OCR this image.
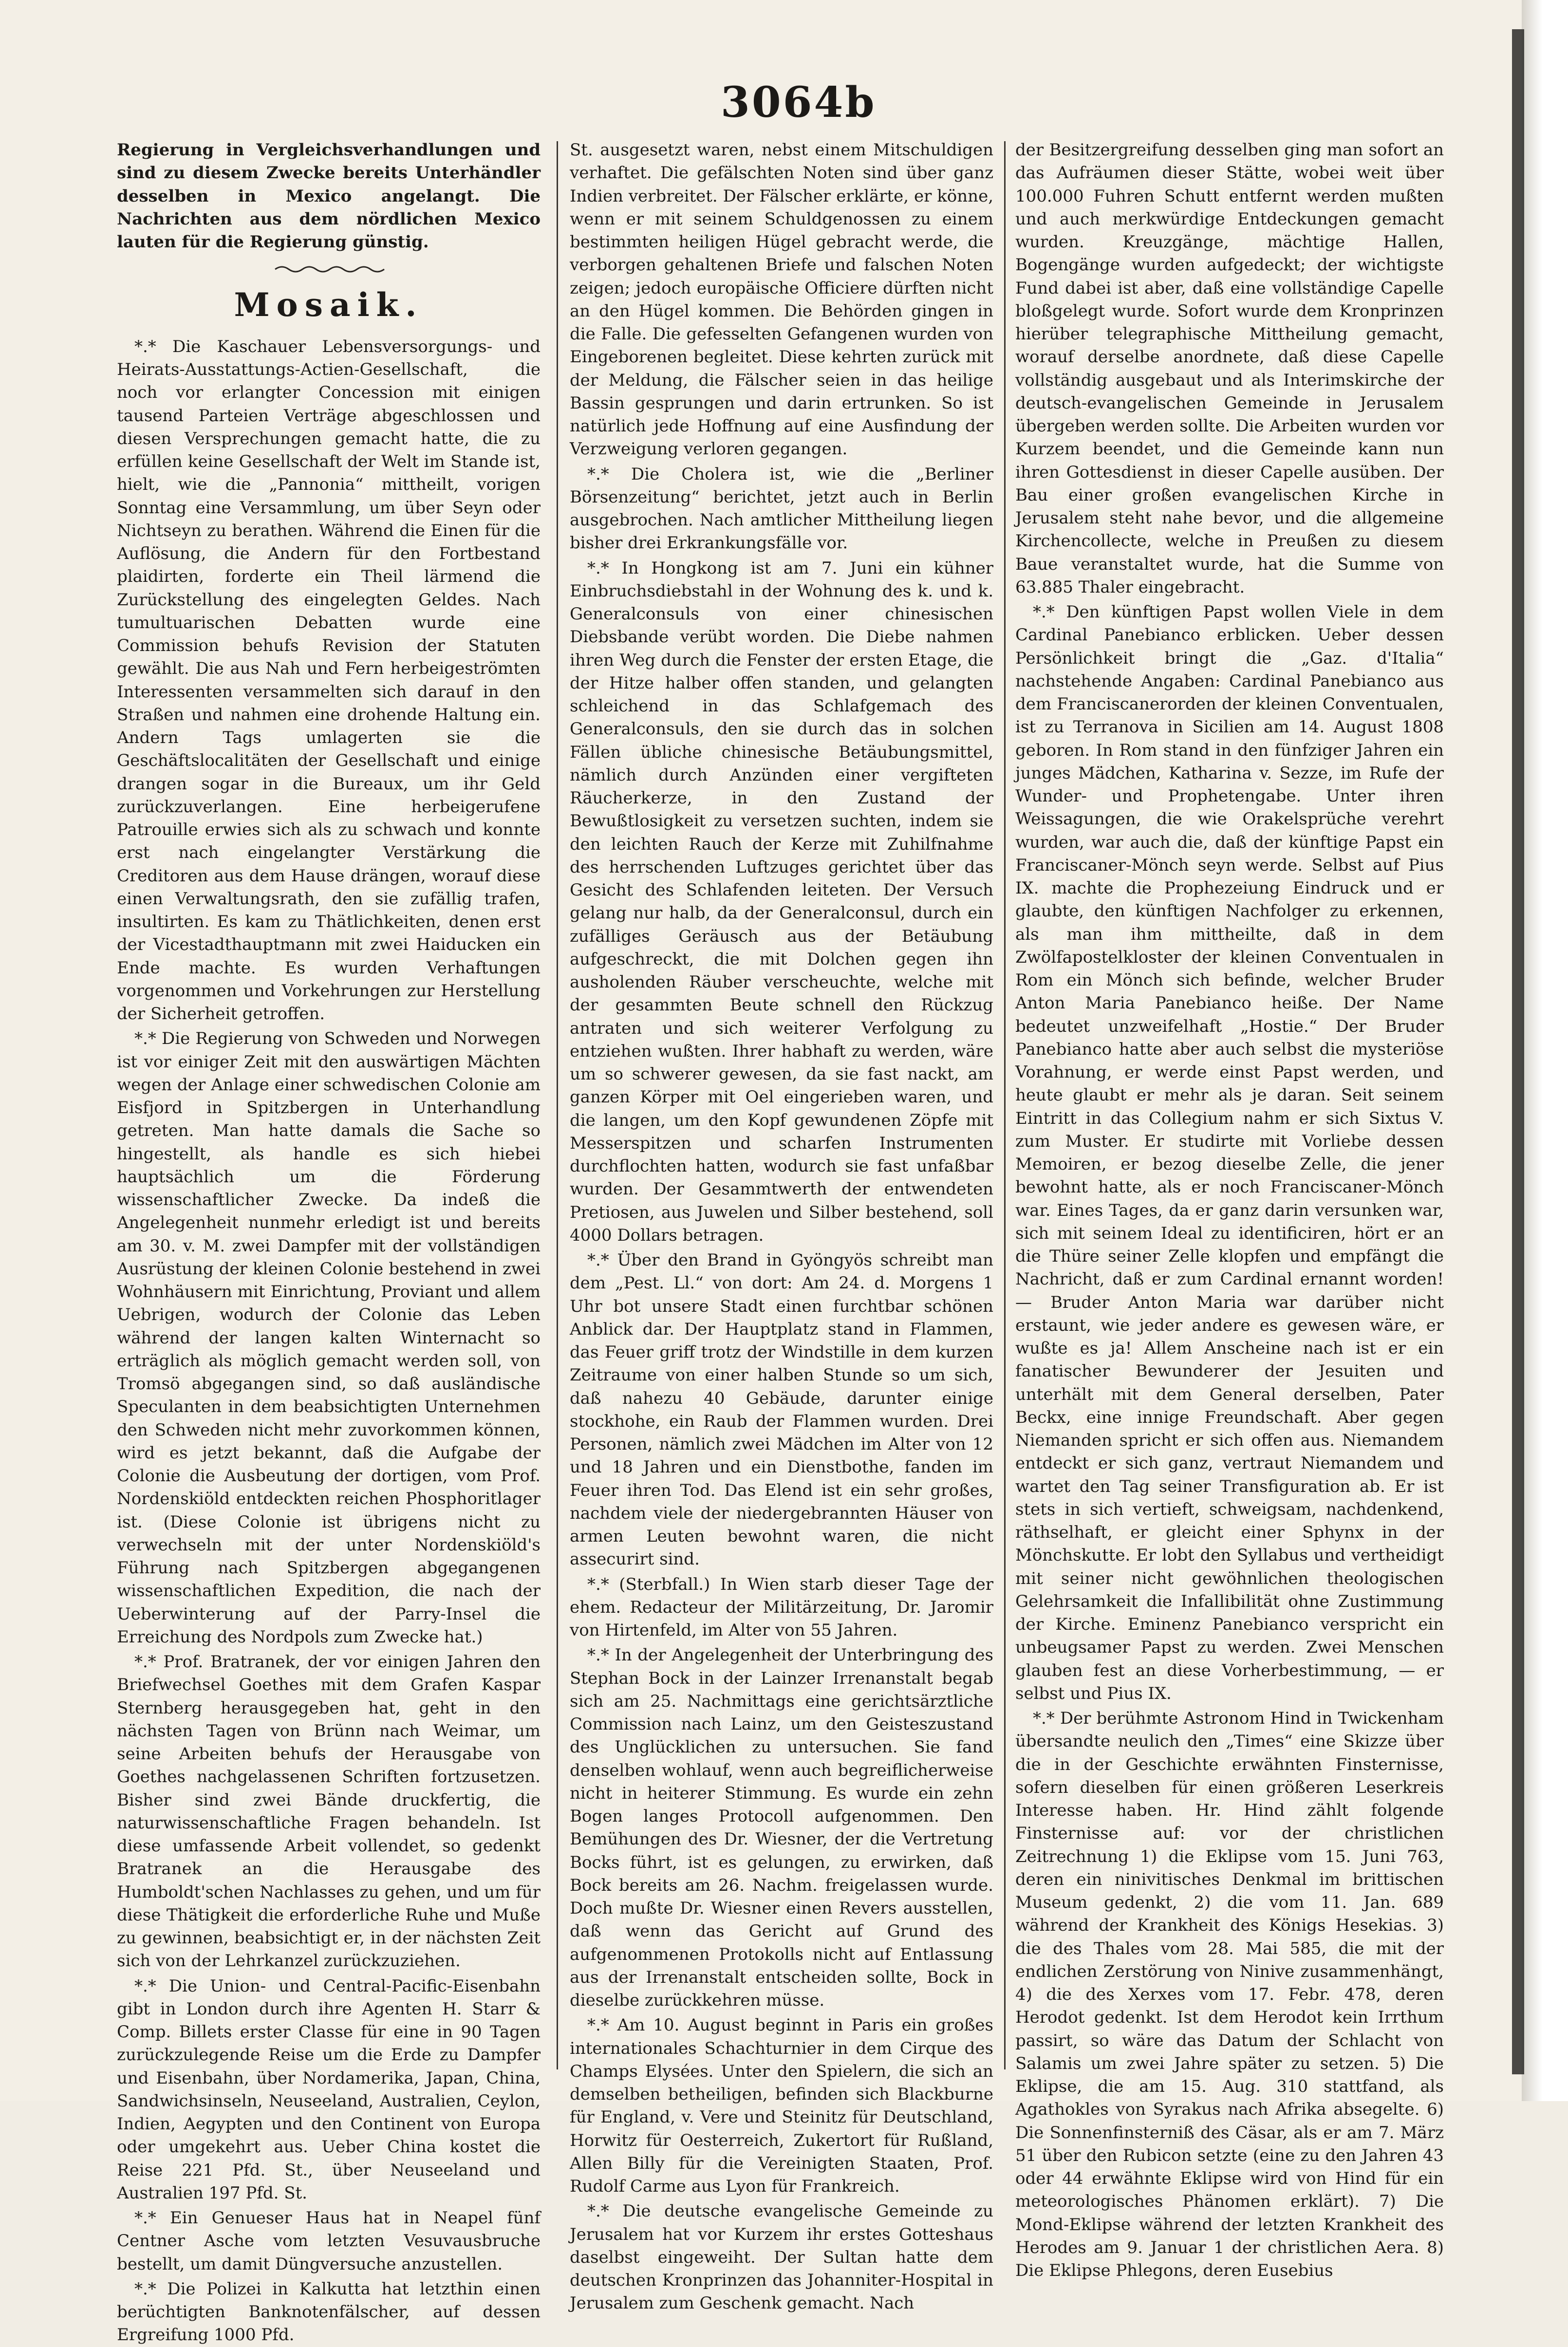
3064b

Regierung in Vergleichsverhandlungen und sind zu diesem Zwecke bereits Unterhändler desselben in Mexico angelangt. Die Nachrichten aus dem nördlichen Mexico lauten für die Regierung günstig.

Mosaik.

*.* Die Kaschauer Lebensversorgungs- und Heirats-Ausstattungs-Actien-Gesellschaft, die noch vor erlangter Concession mit einigen tausend Parteien Verträge abgeschlossen und diesen Versprechungen gemacht hatte, die zu erfüllen keine Gesellschaft der Welt im Stande ist, hielt, wie die „Pannonia“ mittheilt, vorigen Sonntag eine Versammlung, um über Seyn oder Nichtseyn zu berathen. Während die Einen für die Auflösung, die Andern für den Fortbestand plaidirten, forderte ein Theil lärmend die Zurückstellung des eingelegten Geldes. Nach tumultuarischen Debatten wurde eine Commission behufs Revision der Statuten gewählt. Die aus Nah und Fern herbeigeströmten Interessenten versammelten sich darauf in den Straßen und nahmen eine drohende Haltung ein. Andern Tags umlagerten sie die Geschäftslocalitäten der Gesellschaft und einige drangen sogar in die Bureaux, um ihr Geld zurückzuverlangen. Eine herbeigerufene Patrouille erwies sich als zu schwach und konnte erst nach eingelangter Verstärkung die Creditoren aus dem Hause drängen, worauf diese einen Verwaltungsrath, den sie zufällig trafen, insultirten. Es kam zu Thätlichkeiten, denen erst der Vicestadthauptmann mit zwei Haiducken ein Ende machte. Es wurden Verhaftungen vorgenommen und Vorkehrungen zur Herstellung der Sicherheit getroffen.

*.* Die Regierung von Schweden und Norwegen ist vor einiger Zeit mit den auswärtigen Mächten wegen der Anlage einer schwedischen Colonie am Eisfjord in Spitzbergen in Unterhandlung getreten. Man hatte damals die Sache so hingestellt, als handle es sich hiebei hauptsächlich um die Förderung wissenschaftlicher Zwecke. Da indeß die Angelegenheit nunmehr erledigt ist und bereits am 30. v. M. zwei Dampfer mit der vollständigen Ausrüstung der kleinen Colonie bestehend in zwei Wohnhäusern mit Einrichtung, Proviant und allem Uebrigen, wodurch der Colonie das Leben während der langen kalten Winternacht so erträglich als möglich gemacht werden soll, von Tromsö abgegangen sind, so daß ausländische Speculanten in dem beabsichtigten Unternehmen den Schweden nicht mehr zuvorkommen können, wird es jetzt bekannt, daß die Aufgabe der Colonie die Ausbeutung der dortigen, vom Prof. Nordenskiöld entdeckten reichen Phosphoritlager ist. (Diese Colonie ist übrigens nicht zu verwechseln mit der unter Nordenskiöld's Führung nach Spitzbergen abgegangenen wissenschaftlichen Expedition, die nach der Ueberwinterung auf der Parry-Insel die Erreichung des Nordpols zum Zwecke hat.)

*.* Prof. Bratranek, der vor einigen Jahren den Briefwechsel Goethes mit dem Grafen Kaspar Sternberg herausgegeben hat, geht in den nächsten Tagen von Brünn nach Weimar, um seine Arbeiten behufs der Herausgabe von Goethes nachgelassenen Schriften fortzusetzen. Bisher sind zwei Bände druckfertig, die naturwissenschaftliche Fragen behandeln. Ist diese umfassende Arbeit vollendet, so gedenkt Bratranek an die Herausgabe des Humboldt'schen Nachlasses zu gehen, und um für diese Thätigkeit die erforderliche Ruhe und Muße zu gewinnen, beabsichtigt er, in der nächsten Zeit sich von der Lehrkanzel zurückzuziehen.

*.* Die Union- und Central-Pacific-Eisenbahn gibt in London durch ihre Agenten H. Starr & Comp. Billets erster Classe für eine in 90 Tagen zurückzulegende Reise um die Erde zu Dampfer und Eisenbahn, über Nordamerika, Japan, China, Sandwichsinseln, Neuseeland, Australien, Ceylon, Indien, Aegypten und den Continent von Europa oder umgekehrt aus. Ueber China kostet die Reise 221 Pfd. St., über Neuseeland und Australien 197 Pfd. St.

*.* Ein Genueser Haus hat in Neapel fünf Centner Asche vom letzten Vesuvausbruche bestellt, um damit Düngversuche anzustellen.

*.* Die Polizei in Kalkutta hat letzthin einen berüchtigten Banknotenfälscher, auf dessen Ergreifung 1000 Pfd.

St. ausgesetzt waren, nebst einem Mitschuldigen verhaftet. Die gefälschten Noten sind über ganz Indien verbreitet. Der Fälscher erklärte, er könne, wenn er mit seinem Schuldgenossen zu einem bestimmten heiligen Hügel gebracht werde, die verborgen gehaltenen Briefe und falschen Noten zeigen; jedoch europäische Officiere dürften nicht an den Hügel kommen. Die Behörden gingen in die Falle. Die gefesselten Gefangenen wurden von Eingeborenen begleitet. Diese kehrten zurück mit der Meldung, die Fälscher seien in das heilige Bassin gesprungen und darin ertrunken. So ist natürlich jede Hoffnung auf eine Ausfindung der Verzweigung verloren gegangen.

*.* Die Cholera ist, wie die „Berliner Börsenzeitung“ berichtet, jetzt auch in Berlin ausgebrochen. Nach amtlicher Mittheilung liegen bisher drei Erkrankungsfälle vor.

*.* In Hongkong ist am 7. Juni ein kühner Einbruchsdiebstahl in der Wohnung des k. und k. Generalconsuls von einer chinesischen Diebsbande verübt worden. Die Diebe nahmen ihren Weg durch die Fenster der ersten Etage, die der Hitze halber offen standen, und gelangten schleichend in das Schlafgemach des Generalconsuls, den sie durch das in solchen Fällen übliche chinesische Betäubungsmittel, nämlich durch Anzünden einer vergifteten Räucherkerze, in den Zustand der Bewußtlosigkeit zu versetzen suchten, indem sie den leichten Rauch der Kerze mit Zuhilfnahme des herrschenden Luftzuges gerichtet über das Gesicht des Schlafenden leiteten. Der Versuch gelang nur halb, da der Generalconsul, durch ein zufälliges Geräusch aus der Betäubung aufgeschreckt, die mit Dolchen gegen ihn ausholenden Räuber verscheuchte, welche mit der gesammten Beute schnell den Rückzug antraten und sich weiterer Verfolgung zu entziehen wußten. Ihrer habhaft zu werden, wäre um so schwerer gewesen, da sie fast nackt, am ganzen Körper mit Oel eingerieben waren, und die langen, um den Kopf gewundenen Zöpfe mit Messerspitzen und scharfen Instrumenten durchflochten hatten, wodurch sie fast unfaßbar wurden. Der Gesammtwerth der entwendeten Pretiosen, aus Juwelen und Silber bestehend, soll 4000 Dollars betragen.

*.* Über den Brand in Gyöngyös schreibt man dem „Pest. Ll.“ von dort: Am 24. d. Morgens 1 Uhr bot unsere Stadt einen furchtbar schönen Anblick dar. Der Hauptplatz stand in Flammen, das Feuer griff trotz der Windstille in dem kurzen Zeitraume von einer halben Stunde so um sich, daß nahezu 40 Gebäude, darunter einige stockhohe, ein Raub der Flammen wurden. Drei Personen, nämlich zwei Mädchen im Alter von 12 und 18 Jahren und ein Dienstbothe, fanden im Feuer ihren Tod. Das Elend ist ein sehr großes, nachdem viele der niedergebrannten Häuser von armen Leuten bewohnt waren, die nicht assecurirt sind.

*.* (Sterbfall.) In Wien starb dieser Tage der ehem. Redacteur der Militärzeitung, Dr. Jaromir von Hirtenfeld, im Alter von 55 Jahren.

*.* In der Angelegenheit der Unterbringung des Stephan Bock in der Lainzer Irrenanstalt begab sich am 25. Nachmittags eine gerichtsärztliche Commission nach Lainz, um den Geisteszustand des Unglücklichen zu untersuchen. Sie fand denselben wohlauf, wenn auch begreiflicherweise nicht in heiterer Stimmung. Es wurde ein zehn Bogen langes Protocoll aufgenommen. Den Bemühungen des Dr. Wiesner, der die Vertretung Bocks führt, ist es gelungen, zu erwirken, daß Bock bereits am 26. Nachm. freigelassen wurde. Doch mußte Dr. Wiesner einen Revers ausstellen, daß wenn das Gericht auf Grund des aufgenommenen Protokolls nicht auf Entlassung aus der Irrenanstalt entscheiden sollte, Bock in dieselbe zurückkehren müsse.

*.* Am 10. August beginnt in Paris ein großes internationales Schachturnier in dem Cirque des Champs Elysées. Unter den Spielern, die sich an demselben betheiligen, befinden sich Blackburne für England, v. Vere und Steinitz für Deutschland, Horwitz für Oesterreich, Zukertort für Rußland, Allen Billy für die Vereinigten Staaten, Prof. Rudolf Carme aus Lyon für Frankreich.

*.* Die deutsche evangelische Gemeinde zu Jerusalem hat vor Kurzem ihr erstes Gotteshaus daselbst eingeweiht. Der Sultan hatte dem deutschen Kronprinzen das Johanniter-Hospital in Jerusalem zum Geschenk gemacht. Nach

der Besitzergreifung desselben ging man sofort an das Aufräumen dieser Stätte, wobei weit über 100.000 Fuhren Schutt entfernt werden mußten und auch merkwürdige Entdeckungen gemacht wurden. Kreuzgänge, mächtige Hallen, Bogengänge wurden aufgedeckt; der wichtigste Fund dabei ist aber, daß eine vollständige Capelle bloßgelegt wurde. Sofort wurde dem Kronprinzen hierüber telegraphische Mittheilung gemacht, worauf derselbe anordnete, daß diese Capelle vollständig ausgebaut und als Interimskirche der deutsch-evangelischen Gemeinde in Jerusalem übergeben werden sollte. Die Arbeiten wurden vor Kurzem beendet, und die Gemeinde kann nun ihren Gottesdienst in dieser Capelle ausüben. Der Bau einer großen evangelischen Kirche in Jerusalem steht nahe bevor, und die allgemeine Kirchencollecte, welche in Preußen zu diesem Baue veranstaltet wurde, hat die Summe von 63.885 Thaler eingebracht.

*.* Den künftigen Papst wollen Viele in dem Cardinal Panebianco erblicken. Ueber dessen Persönlichkeit bringt die „Gaz. d'Italia“ nachstehende Angaben: Cardinal Panebianco aus dem Franciscanerorden der kleinen Conventualen, ist zu Terranova in Sicilien am 14. August 1808 geboren. In Rom stand in den fünfziger Jahren ein junges Mädchen, Katharina v. Sezze, im Rufe der Wunder- und Prophetengabe. Unter ihren Weissagungen, die wie Orakelsprüche verehrt wurden, war auch die, daß der künftige Papst ein Franciscaner-Mönch seyn werde. Selbst auf Pius IX. machte die Prophezeiung Eindruck und er glaubte, den künftigen Nachfolger zu erkennen, als man ihm mittheilte, daß in dem Zwölfapostelkloster der kleinen Conventualen in Rom ein Mönch sich befinde, welcher Bruder Anton Maria Panebianco heiße. Der Name bedeutet unzweifelhaft „Hostie.“ Der Bruder Panebianco hatte aber auch selbst die mysteriöse Vorahnung, er werde einst Papst werden, und heute glaubt er mehr als je daran. Seit seinem Eintritt in das Collegium nahm er sich Sixtus V. zum Muster. Er studirte mit Vorliebe dessen Memoiren, er bezog dieselbe Zelle, die jener bewohnt hatte, als er noch Franciscaner-Mönch war. Eines Tages, da er ganz darin versunken war, sich mit seinem Ideal zu identificiren, hört er an die Thüre seiner Zelle klopfen und empfängt die Nachricht, daß er zum Cardinal ernannt worden! — Bruder Anton Maria war darüber nicht erstaunt, wie jeder andere es gewesen wäre, er wußte es ja! Allem Anscheine nach ist er ein fanatischer Bewunderer der Jesuiten und unterhält mit dem General derselben, Pater Beckx, eine innige Freundschaft. Aber gegen Niemanden spricht er sich offen aus. Niemandem entdeckt er sich ganz, vertraut Niemandem und wartet den Tag seiner Transfiguration ab. Er ist stets in sich vertieft, schweigsam, nachdenkend, räthselhaft, er gleicht einer Sphynx in der Mönchskutte. Er lobt den Syllabus und vertheidigt mit seiner nicht gewöhnlichen theologischen Gelehrsamkeit die Infallibilität ohne Zustimmung der Kirche. Eminenz Panebianco verspricht ein unbeugsamer Papst zu werden. Zwei Menschen glauben fest an diese Vorherbestimmung, — er selbst und Pius IX.

*.* Der berühmte Astronom Hind in Twickenham übersandte neulich den „Times“ eine Skizze über die in der Geschichte erwähnten Finsternisse, sofern dieselben für einen größeren Leserkreis Interesse haben. Hr. Hind zählt folgende Finsternisse auf: vor der christlichen Zeitrechnung 1) die Eklipse vom 15. Juni 763, deren ein ninivitisches Denkmal im brittischen Museum gedenkt, 2) die vom 11. Jan. 689 während der Krankheit des Königs Hesekias. 3) die des Thales vom 28. Mai 585, die mit der endlichen Zerstörung von Ninive zusammenhängt, 4) die des Xerxes vom 17. Febr. 478, deren Herodot gedenkt. Ist dem Herodot kein Irrthum passirt, so wäre das Datum der Schlacht von Salamis um zwei Jahre später zu setzen. 5) Die Eklipse, die am 15. Aug. 310 stattfand, als Agathokles von Syrakus nach Afrika absegelte. 6) Die Sonnenfinsterniß des Cäsar, als er am 7. März 51 über den Rubicon setzte (eine zu den Jahren 43 oder 44 erwähnte Eklipse wird von Hind für ein meteorologisches Phänomen erklärt). 7) Die Mond-Eklipse während der letzten Krankheit des Herodes am 9. Januar 1 der christlichen Aera. 8) Die Eklipse Phlegons, deren Eusebius
